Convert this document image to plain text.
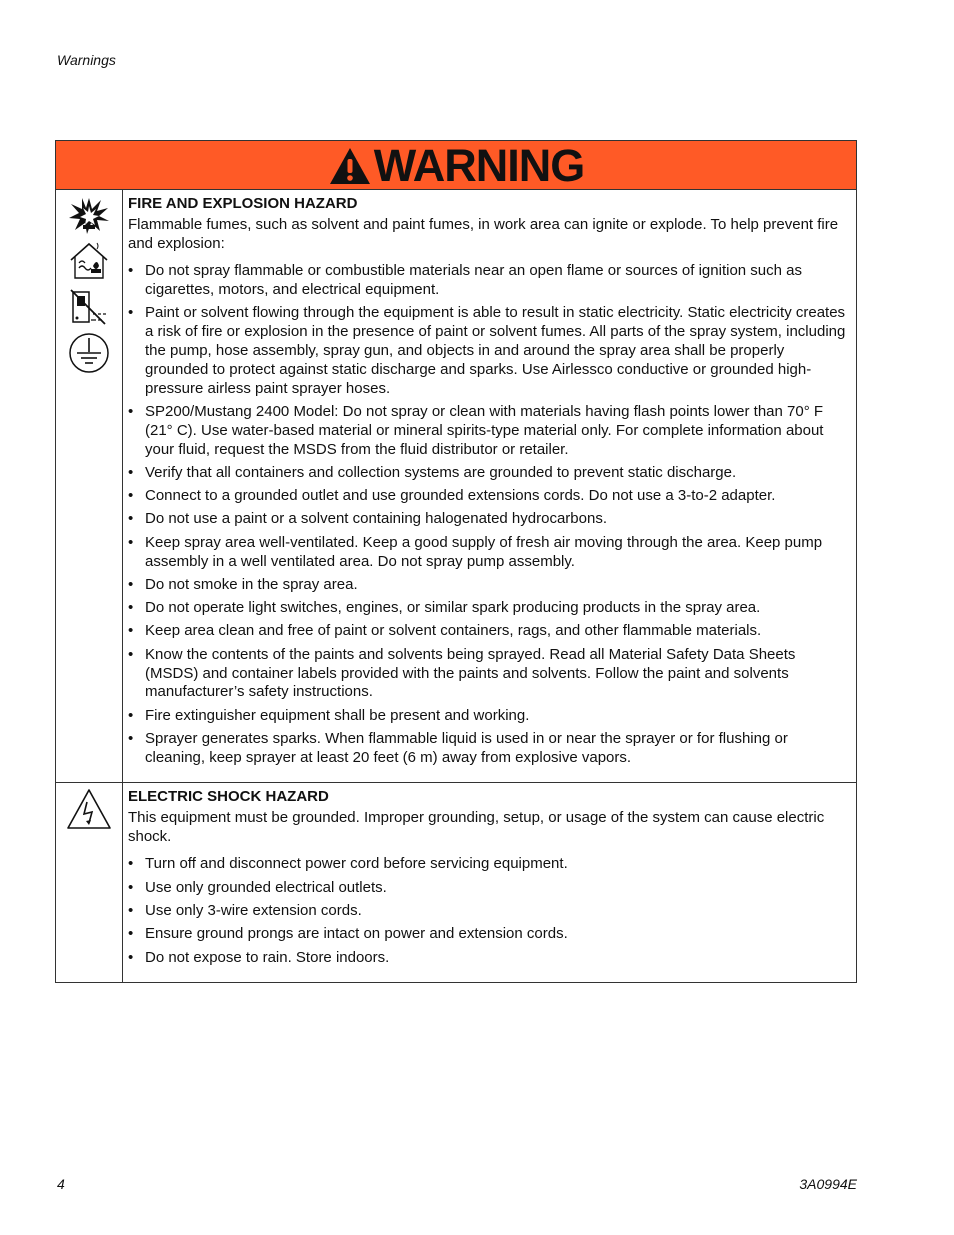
Warnings
WARNING
FIRE AND EXPLOSION HAZARD

Flammable fumes, such as solvent and paint fumes, in work area can ignite or explode. To help prevent fire and explosion:

• Do not spray flammable or combustible materials near an open flame or sources of ignition such as cigarettes, motors, and electrical equipment.
• Paint or solvent flowing through the equipment is able to result in static electricity. Static electricity creates a risk of fire or explosion in the presence of paint or solvent fumes. All parts of the spray system, including the pump, hose assembly, spray gun, and objects in and around the spray area shall be properly grounded to protect against static discharge and sparks. Use Airlessco conductive or grounded high-pressure airless paint sprayer hoses.
• SP200/Mustang 2400 Model: Do not spray or clean with materials having flash points lower than 70° F (21° C). Use water-based material or mineral spirits-type material only. For complete information about your fluid, request the MSDS from the fluid distributor or retailer.
• Verify that all containers and collection systems are grounded to prevent static discharge.
• Connect to a grounded outlet and use grounded extensions cords. Do not use a 3-to-2 adapter.
• Do not use a paint or a solvent containing halogenated hydrocarbons.
• Keep spray area well-ventilated. Keep a good supply of fresh air moving through the area. Keep pump assembly in a well ventilated area. Do not spray pump assembly.
• Do not smoke in the spray area.
• Do not operate light switches, engines, or similar spark producing products in the spray area.
• Keep area clean and free of paint or solvent containers, rags, and other flammable materials.
• Know the contents of the paints and solvents being sprayed. Read all Material Safety Data Sheets (MSDS) and container labels provided with the paints and solvents. Follow the paint and solvents manufacturer’s safety instructions.
• Fire extinguisher equipment shall be present and working.
• Sprayer generates sparks. When flammable liquid is used in or near the sprayer or for flushing or cleaning, keep sprayer at least 20 feet (6 m) away from explosive vapors.
ELECTRIC SHOCK HAZARD

This equipment must be grounded. Improper grounding, setup, or usage of the system can cause electric shock.

• Turn off and disconnect power cord before servicing equipment.
• Use only grounded electrical outlets.
• Use only 3-wire extension cords.
• Ensure ground prongs are intact on power and extension cords.
• Do not expose to rain. Store indoors.
4	3A0994E
